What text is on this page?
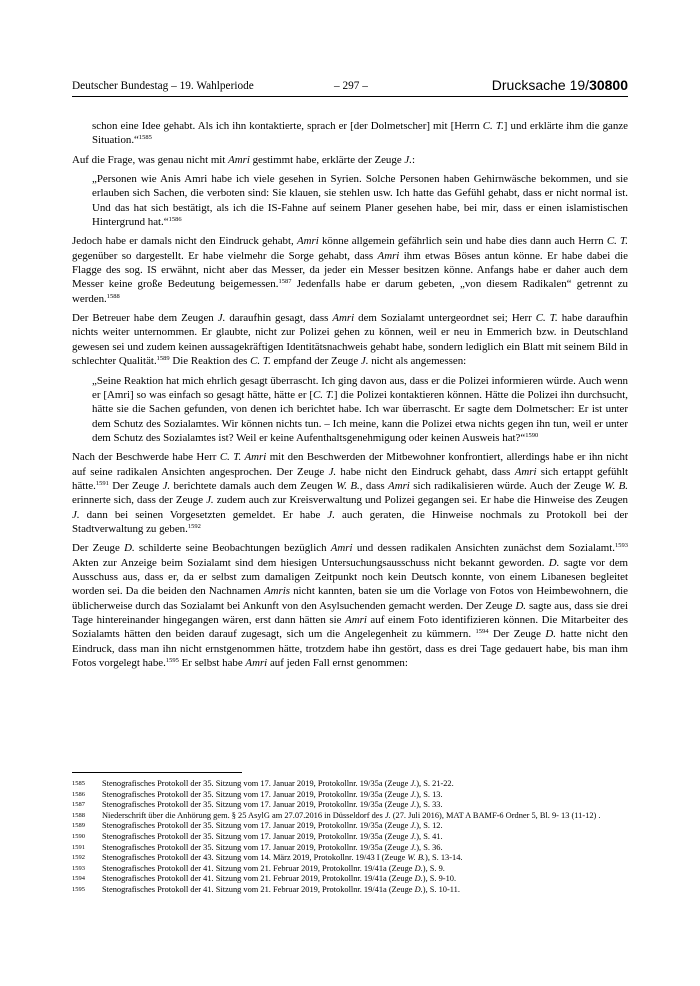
Deutscher Bundestag – 19. Wahlperiode	– 297 –	Drucksache 19/30800

schon eine Idee gehabt. Als ich ihn kontaktierte, sprach er [der Dolmetscher] mit [Herrn C. T.] und erklärte ihm die ganze Situation.“$^{1585}$

Auf die Frage, was genau nicht mit Amri gestimmt habe, erklärte der Zeuge J.:

„Personen wie Anis Amri habe ich viele gesehen in Syrien. Solche Personen haben Gehirnwäsche bekommen, und sie erlauben sich Sachen, die verboten sind: Sie klauen, sie stehlen usw. Ich hatte das Gefühl gehabt, dass er nicht normal ist. Und das hat sich bestätigt, als ich die IS-Fahne auf seinem Planer gesehen habe, bei mir, dass er einen islamistischen Hintergrund hat.“$^{1586}$

Jedoch habe er damals nicht den Eindruck gehabt, Amri könne allgemein gefährlich sein und habe dies dann auch Herrn C. T. gegenüber so dargestellt. Er habe vielmehr die Sorge gehabt, dass Amri ihm etwas Böses antun könne. Er habe dabei die Flagge des sog. IS erwähnt, nicht aber das Messer, da jeder ein Messer besitzen könne. Anfangs habe er daher auch dem Messer keine große Bedeutung beigemessen.$^{1587}$ Jedenfalls habe er darum gebeten, „von diesem Radikalen“ getrennt zu werden.$^{1588}$

Der Betreuer habe dem Zeugen J. daraufhin gesagt, dass Amri dem Sozialamt untergeordnet sei; Herr C. T. habe daraufhin nichts weiter unternommen. Er glaubte, nicht zur Polizei gehen zu können, weil er neu in Emmerich bzw. in Deutschland gewesen sei und zudem keinen aussagekräftigen Identitätsnachweis gehabt habe, sondern lediglich ein Blatt mit seinem Bild in schlechter Qualität.$^{1589}$ Die Reaktion des C. T. empfand der Zeuge J. nicht als angemessen:

„Seine Reaktion hat mich ehrlich gesagt überrascht. Ich ging davon aus, dass er die Polizei informieren würde. Auch wenn er [Amri] so was einfach so gesagt hätte, hätte er [C. T.] die Polizei kontaktieren können. Hätte die Polizei ihn durchsucht, hätte sie die Sachen gefunden, von denen ich berichtet habe. Ich war überrascht. Er sagte dem Dolmetscher: Er ist unter dem Schutz des Sozialamtes. Wir können nichts tun. – Ich meine, kann die Polizei etwa nichts gegen ihn tun, weil er unter dem Schutz des Sozialamtes ist? Weil er keine Aufenthaltsgenehmigung oder keinen Ausweis hat?“$^{1590}$

Nach der Beschwerde habe Herr C. T. Amri mit den Beschwerden der Mitbewohner konfrontiert, allerdings habe er ihn nicht auf seine radikalen Ansichten angesprochen. Der Zeuge J. habe nicht den Eindruck gehabt, dass Amri sich ertappt gefühlt hätte.$^{1591}$ Der Zeuge J. berichtete damals auch dem Zeugen W. B., dass Amri sich radikalisieren würde. Auch der Zeuge W. B. erinnerte sich, dass der Zeuge J. zudem auch zur Kreisverwaltung und Polizei gegangen sei. Er habe die Hinweise des Zeugen J. dann bei seinen Vorgesetzten gemeldet. Er habe J. auch geraten, die Hinweise nochmals zu Protokoll bei der Stadtverwaltung zu geben.$^{1592}$

Der Zeuge D. schilderte seine Beobachtungen bezüglich Amri und dessen radikalen Ansichten zunächst dem Sozialamt.$^{1593}$ Akten zur Anzeige beim Sozialamt sind dem hiesigen Untersuchungsausschuss nicht bekannt geworden. D. sagte vor dem Ausschuss aus, dass er, da er selbst zum damaligen Zeitpunkt noch kein Deutsch konnte, von einem Libanesen begleitet worden sei. Da die beiden den Nachnamen Amris nicht kannten, baten sie um die Vorlage von Fotos von Heimbewohnern, die üblicherweise durch das Sozialamt bei Ankunft von den Asylsuchenden gemacht werden. Der Zeuge D. sagte aus, dass sie drei Tage hintereinander hingegangen wären, erst dann hätten sie Amri auf einem Foto identifizieren können. Die Mitarbeiter des Sozialamts hätten den beiden darauf zugesagt, sich um die Angelegenheit zu kümmern. $^{1594}$ Der Zeuge D. hatte nicht den Eindruck, dass man ihn nicht ernstgenommen hätte, trotzdem habe ihn gestört, dass es drei Tage gedauert habe, bis man ihm Fotos vorgelegt habe.$^{1595}$ Er selbst habe Amri auf jeden Fall ernst genommen:

1585	Stenografisches Protokoll der 35. Sitzung vom 17. Januar 2019, Protokollnr. 19/35a (Zeuge J.), S. 21-22.
1586	Stenografisches Protokoll der 35. Sitzung vom 17. Januar 2019, Protokollnr. 19/35a (Zeuge J.), S. 13.
1587	Stenografisches Protokoll der 35. Sitzung vom 17. Januar 2019, Protokollnr. 19/35a (Zeuge J.), S. 33.
1588	Niederschrift über die Anhörung gem. § 25 AsylG am 27.07.2016 in Düsseldorf des J. (27. Juli 2016), MAT A BAMF-6 Ordner 5, Bl. 9- 13 (11-12) .
1589	Stenografisches Protokoll der 35. Sitzung vom 17. Januar 2019, Protokollnr. 19/35a (Zeuge J.), S. 12.
1590	Stenografisches Protokoll der 35. Sitzung vom 17. Januar 2019, Protokollnr. 19/35a (Zeuge J.), S. 41.
1591	Stenografisches Protokoll der 35. Sitzung vom 17. Januar 2019, Protokollnr. 19/35a (Zeuge J.), S. 36.
1592	Stenografisches Protokoll der 43. Sitzung vom 14. März 2019, Protokollnr. 19/43 I (Zeuge W. B.), S. 13-14.
1593	Stenografisches Protokoll der 41. Sitzung vom 21. Februar 2019, Protokollnr. 19/41a (Zeuge D.), S. 9.
1594	Stenografisches Protokoll der 41. Sitzung vom 21. Februar 2019, Protokollnr. 19/41a (Zeuge D.), S. 9-10.
1595	Stenografisches Protokoll der 41. Sitzung vom 21. Februar 2019, Protokollnr. 19/41a (Zeuge D.), S. 10-11.
